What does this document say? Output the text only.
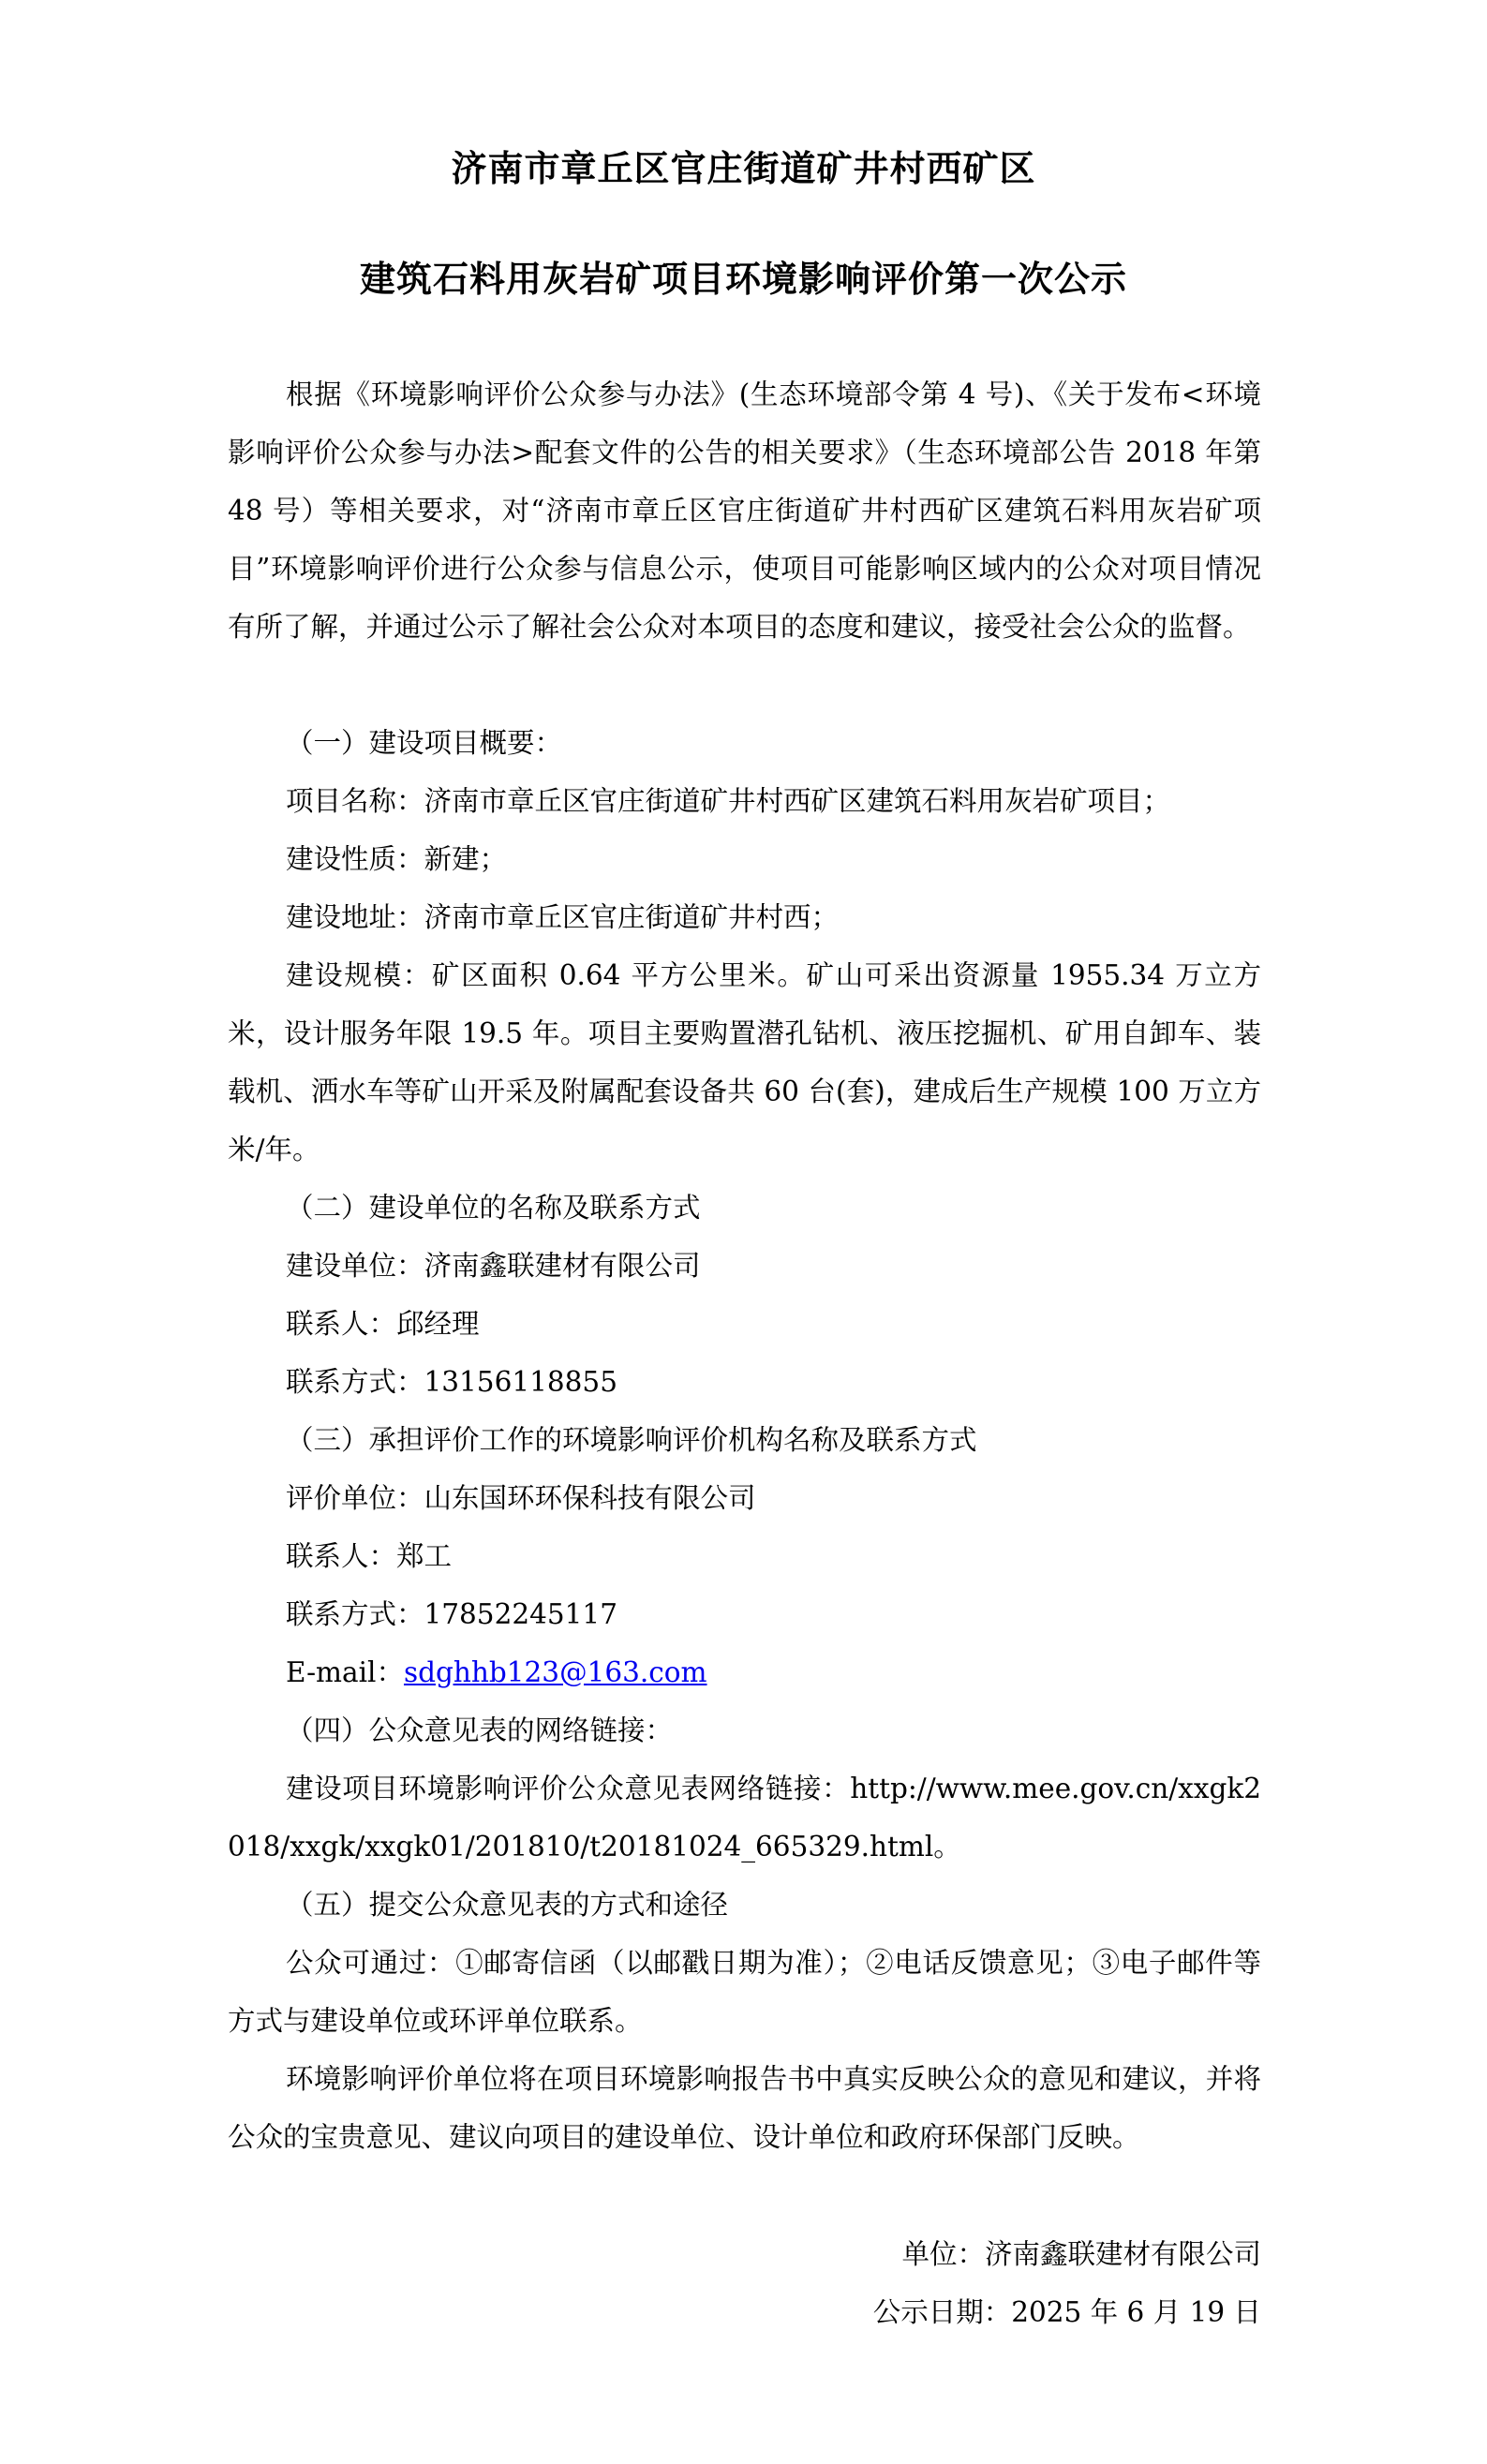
济南市章丘区官庄街道矿井村西矿区
建筑石料用灰岩矿项目环境影响评价第一次公示

根据《环境影响评价公众参与办法》(生态环境部令第 4 号)、《关于发布<环境影响评价公众参与办法>配套文件的公告的相关要求》（生态环境部公告 2018 年第 48 号）等相关要求，对“济南市章丘区官庄街道矿井村西矿区建筑石料用灰岩矿项目”环境影响评价进行公众参与信息公示，使项目可能影响区域内的公众对项目情况有所了解，并通过公示了解社会公众对本项目的态度和建议，接受社会公众的监督。

（一）建设项目概要：
项目名称：济南市章丘区官庄街道矿井村西矿区建筑石料用灰岩矿项目；
建设性质：新建；
建设地址：济南市章丘区官庄街道矿井村西；

建设规模：矿区面积 0.64 平方公里米。矿山可采出资源量 1955.34 万立方米，设计服务年限 19.5 年。项目主要购置潜孔钻机、液压挖掘机、矿用自卸车、装载机、洒水车等矿山开采及附属配套设备共 60 台(套)，建成后生产规模 100 万立方米/年。

（二）建设单位的名称及联系方式
建设单位：济南鑫联建材有限公司
联系人：邱经理
联系方式：13156118855
（三）承担评价工作的环境影响评价机构名称及联系方式
评价单位：山东国环环保科技有限公司
联系人：郑工
联系方式：17852245117
E-mail：sdghhb123@163.com
（四）公众意见表的网络链接：

建设项目环境影响评价公众意见表网络链接：http://www.mee.gov.cn/xxgk2018/xxgk/xxgk01/201810/t20181024_665329.html。

（五）提交公众意见表的方式和途径

公众可通过：①邮寄信函（以邮戳日期为准）；②电话反馈意见；③电子邮件等方式与建设单位或环评单位联系。

环境影响评价单位将在项目环境影响报告书中真实反映公众的意见和建议，并将公众的宝贵意见、建议向项目的建设单位、设计单位和政府环保部门反映。

单位：济南鑫联建材有限公司
公示日期：2025 年 6 月 19 日
